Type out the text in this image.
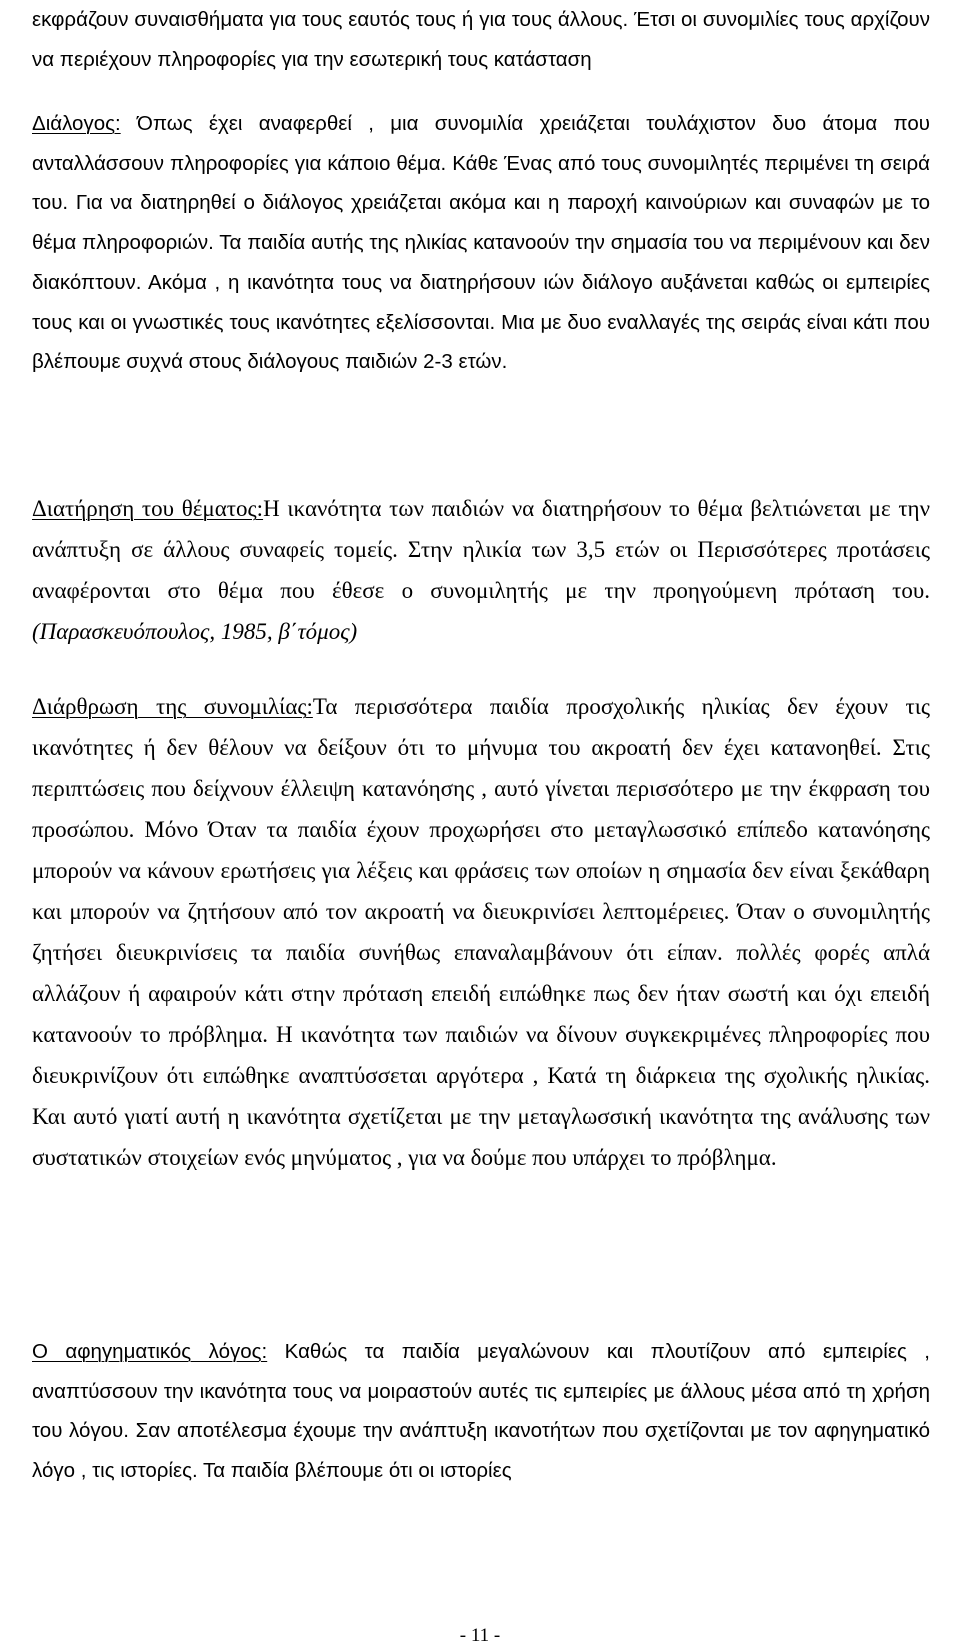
εκφράζουν συναισθήματα για τους εαυτός τους ή για τους άλλους. Έτσι οι συνομιλίες τους αρχίζουν να περιέχουν πληροφορίες για την εσωτερική τους κατάσταση

Διάλογος: Όπως έχει αναφερθεί , μια συνομιλία χρειάζεται τουλάχιστον δυο άτομα που ανταλλάσσουν πληροφορίες για κάποιο θέμα. Κάθε Ένας από τους συνομιλητές περιμένει τη σειρά του. Για να διατηρηθεί ο διάλογος χρειάζεται ακόμα και η παροχή καινούριων και συναφών με το θέμα πληροφοριών. Τα παιδία αυτής της ηλικίας κατανοούν την σημασία του να περιμένουν και δεν διακόπτουν. Ακόμα , η ικανότητα τους να διατηρήσουν ιών διάλογο αυξάνεται καθώς οι εμπειρίες τους και οι γνωστικές τους ικανότητες εξελίσσονται. Μια με δυο εναλλαγές της σειράς είναι κάτι που βλέπουμε συχνά στους διάλογους παιδιών 2-3 ετών.

Διατήρηση του θέματος:Η ικανότητα των παιδιών να διατηρήσουν το θέμα βελτιώνεται με την ανάπτυξη σε άλλους συναφείς τομείς. Στην ηλικία των 3,5 ετών οι Περισσότερες προτάσεις αναφέρονται στο θέμα που έθεσε ο συνομιλητής με την προηγούμενη πρόταση του. (Παρασκευόπουλος, 1985, β΄τόμος)

Διάρθρωση της συνομιλίας:Τα περισσότερα παιδία προσχολικής ηλικίας δεν έχουν τις ικανότητες ή δεν θέλουν να δείξουν ότι το μήνυμα του ακροατή δεν έχει κατανοηθεί. Στις περιπτώσεις που δείχνουν έλλειψη κατανόησης , αυτό γίνεται περισσότερο με την έκφραση του προσώπου. Μόνο Όταν τα παιδία έχουν προχωρήσει στο μεταγλωσσικό επίπεδο κατανόησης μπορούν να κάνουν ερωτήσεις για λέξεις και φράσεις των οποίων η σημασία δεν είναι ξεκάθαρη και μπορούν να ζητήσουν από τον ακροατή να διευκρινίσει λεπτομέρειες. Όταν ο συνομιλητής ζητήσει διευκρινίσεις τα παιδία συνήθως επαναλαμβάνουν ότι είπαν. πολλές φορές απλά αλλάζουν ή αφαιρούν κάτι στην πρόταση επειδή ειπώθηκε πως δεν ήταν σωστή και όχι επειδή κατανοούν το πρόβλημα. Η ικανότητα των παιδιών να δίνουν συγκεκριμένες πληροφορίες που διευκρινίζουν ότι ειπώθηκε αναπτύσσεται αργότερα , Κατά τη διάρκεια της σχολικής ηλικίας. Και αυτό γιατί αυτή η ικανότητα σχετίζεται με την μεταγλωσσική ικανότητα της ανάλυσης των συστατικών στοιχείων ενός μηνύματος , για να δούμε που υπάρχει το πρόβλημα.

Ο αφηγηματικός λόγος: Καθώς τα παιδία μεγαλώνουν και πλουτίζουν από εμπειρίες , αναπτύσσουν την ικανότητα τους να μοιραστούν αυτές τις εμπειρίες με άλλους μέσα από τη χρήση του λόγου. Σαν αποτέλεσμα έχουμε την ανάπτυξη ικανοτήτων που σχετίζονται με τον αφηγηματικό λόγο , τις ιστορίες. Τα παιδία βλέπουμε ότι οι ιστορίες

- 11 -
